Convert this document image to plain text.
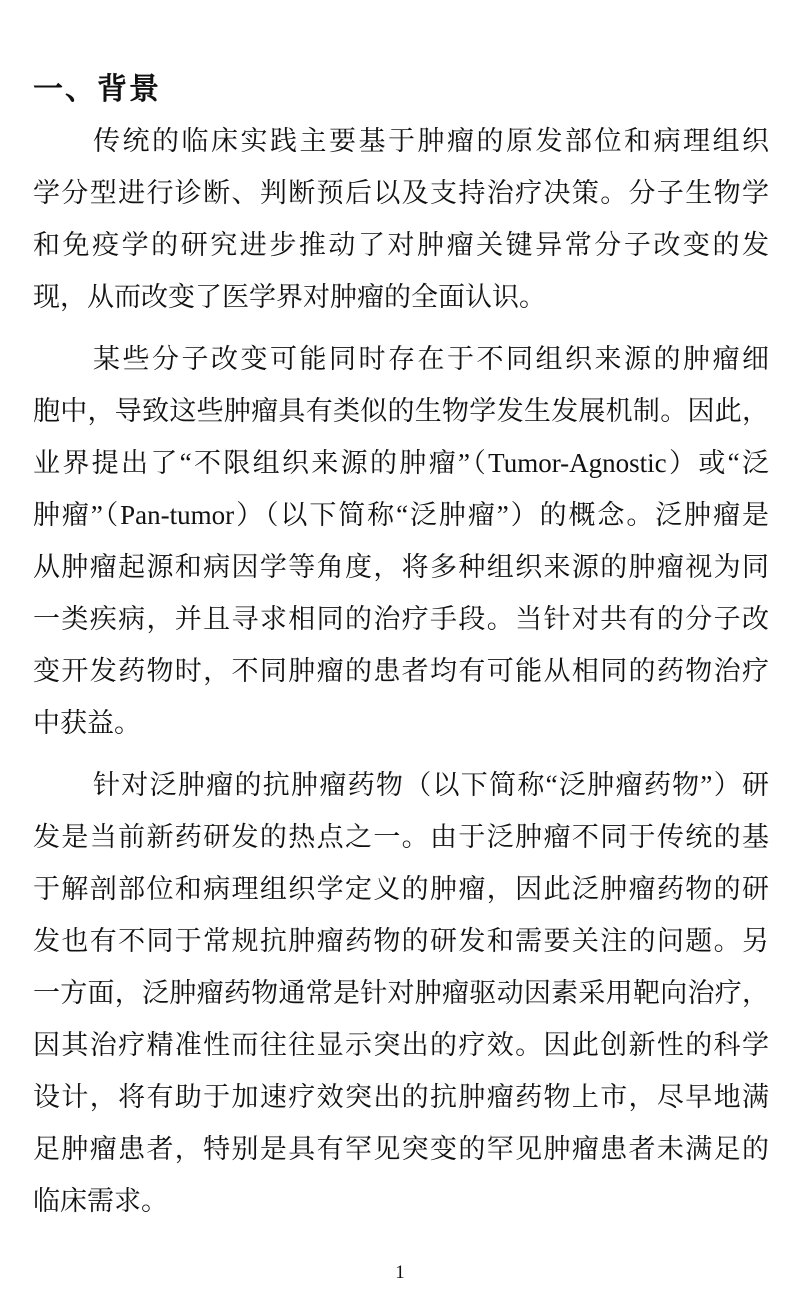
一、背景
传统的临床实践主要基于肿瘤的原发部位和病理组织
学分型进行诊断、判断预后以及支持治疗决策。分子生物学
和免疫学的研究进步推动了对肿瘤关键异常分子改变的发
现，从而改变了医学界对肿瘤的全面认识。
某些分子改变可能同时存在于不同组织来源的肿瘤细
胞中，导致这些肿瘤具有类似的生物学发生发展机制。因此，
业界提出了“不限组织来源的肿瘤”（Tumor-Agnostic）或“泛
肿瘤”（Pan-tumor）（以下简称“泛肿瘤”）的概念。泛肿瘤是
从肿瘤起源和病因学等角度，将多种组织来源的肿瘤视为同
一类疾病，并且寻求相同的治疗手段。当针对共有的分子改
变开发药物时，不同肿瘤的患者均有可能从相同的药物治疗
中获益。
针对泛肿瘤的抗肿瘤药物（以下简称“泛肿瘤药物”）研
发是当前新药研发的热点之一。由于泛肿瘤不同于传统的基
于解剖部位和病理组织学定义的肿瘤，因此泛肿瘤药物的研
发也有不同于常规抗肿瘤药物的研发和需要关注的问题。另
一方面，泛肿瘤药物通常是针对肿瘤驱动因素采用靶向治疗，
因其治疗精准性而往往显示突出的疗效。因此创新性的科学
设计，将有助于加速疗效突出的抗肿瘤药物上市，尽早地满
足肿瘤患者，特别是具有罕见突变的罕见肿瘤患者未满足的
临床需求。
1
